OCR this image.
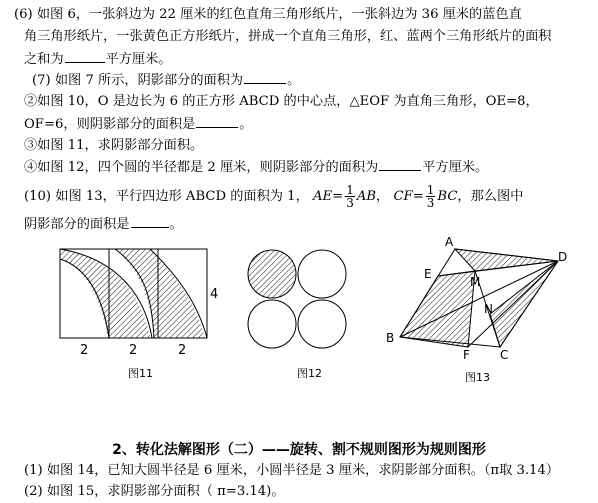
(6) 如图 6，一张斜边为 22 厘米的红色直角三角形纸片，一张斜边为 36 厘米的蓝色直
角三角形纸片，一张黄色正方形纸片，拼成一个直角三角形，红、蓝两个三角形纸片的面积
之和为	平方厘米。
(7) 如图 7 所示，阴影部分的面积为	。
②如图 10，O 是边长为 6 的正方形 ABCD 的中心点，△EOF 为直角三角形，OE=8，
OF=6，则阴影部分的面积是	。
③如图 11，求阴影部分面积。
④如图 12，四个圆的半径都是 2 厘米，则阴影部分的面积为	平方厘米。
(10) 如图 13，平行四边形 ABCD 的面积为 1， $AE= \frac{1}{3}$ AB， $CF= \frac{1}{3}$ BC，那么图中
阴影部分的面积是	。
2	2	2
4
图11	图12
A
D
E
M
N
B
F	C
图13
2、转化法解图形（二）——旋转、割不规则图形为规则图形
(1) 如图 14，已知大圆半径是 6 厘米，小圆半径是 3 厘米，求阴影部分面积。（π取 3.14）
(2) 如图 15，求阴影部分面积（ π=3.14)。
